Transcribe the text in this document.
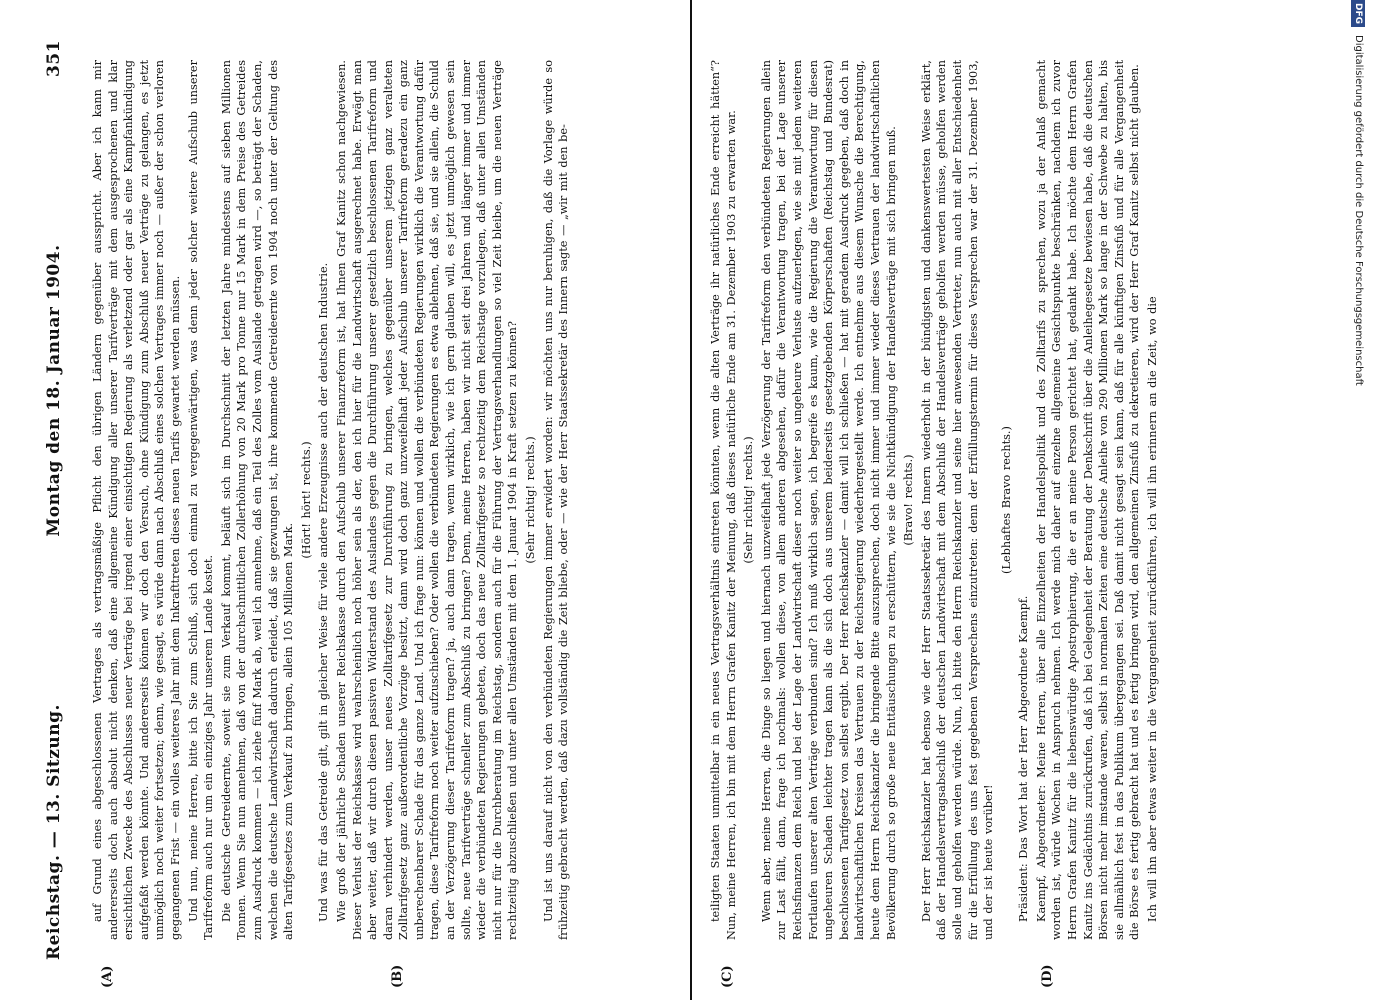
Reichstag. — 13. Sitzung.
Montag den 18. Januar 1904.
351
(A)	(B)	(C)	(D)

auf Grund eines abgeschlossenen Vertrages als vertragsmäßige Pflicht den übrigen Ländern gegenüber ausspricht. Aber ich kann mir andererseits doch auch absolut nicht denken, daß eine allgemeine Kündigung aller unserer Tarifverträge mit dem ausgesprochenen und klar ersichtlichen Zwecke des Abschlusses neuer Verträge bei irgend einer einsichtigen Regierung als verletzend oder gar als eine Kampfankündigung aufgefaßt werden könnte. Und andererseits können wir doch den Versuch, ohne Kündigung zum Abschluß neuer Verträge zu gelangen, es jetzt unmöglich noch weiter fortsetzen; denn, wie gesagt, es würde dann nach Abschluß eines solchen Vertrages immer noch — außer der schon verloren gegangenen Frist — ein volles weiteres Jahr mit dem Inkrafttreten dieses neuen Tarifs gewartet werden müssen. Und nun, meine Herren, bitte ich Sie zum Schluß, sich doch einmal zu vergegenwärtigen, was denn jeder solcher weitere Aufschub unserer Tarifreform auch nur um ein einziges Jahr unserem Lande kostet. Die deutsche Getreideernte, soweit sie zum Verkauf kommt, beläuft sich im Durchschnitt der letzten Jahre mindestens auf sieben Millionen Tonnen. Wenn Sie nun annehmen, daß von der durchschnittlichen Zollerhöhung von 20 Mark pro Tonne nur 15 Mark in dem Preise des Getreides zum Ausdruck kommen — ich ziehe fünf Mark ab, weil ich annehme, daß ein Teil des Zolles vom Auslande getragen wird —, so beträgt der Schaden, welchen die deutsche Landwirtschaft dadurch erleidet, daß sie gezwungen ist, ihre kommende Getreideernte von 1904 noch unter der Geltung des alten Tarifgesetzes zum Verkauf zu bringen, allein 105 Millionen Mark.

(Hört! hört! rechts.) Und was für das Getreide gilt, gilt in gleicher Weise für viele andere Erzeugnisse auch der deutschen Industrie. Wie groß der jährliche Schaden unserer Reichskasse durch den Aufschub unserer Finanzreform ist, hat Ihnen Graf Kanitz schon nachgewiesen. Dieser Verlust der Reichskasse wird wahrscheinlich noch höher sein als der, den ich hier für die Landwirtschaft ausgerechnet habe. Erwägt man aber weiter, daß wir durch diesen passiven Widerstand des Auslandes gegen die Durchführung unserer gesetzlich beschlossenen Tarifreform und daran verhindert werden, unser neues Zolltarifgesetz zur Durchführung zu bringen, welches gegenüber unserem jetzigen ganz veralteten Zolltarifgesetz ganz außerordentliche Vorzüge besitzt, dann wird doch ganz unzweifelhaft jeder Aufschub unserer Tarifreform geradezu ein ganz unberechenbarer Schade für das ganze Land. Und ich frage nun: können und wollen die verbündeten Regierungen wirklich die Verantwortung dafür tragen, diese Tarifreform noch weiter aufzuschieben? Oder wollen die verbündeten Regierungen es etwa ablehnen, daß sie, und sie allein, die Schuld an der Verzögerung dieser Tarifreform tragen? ja, auch dann tragen, wenn wirklich, wie ich gern glauben will, es jetzt unmöglich gewesen sein sollte, neue Tarifverträge schneller zum Abschluß zu bringen? Denn, meine Herren, haben wir nicht seit drei Jahren und länger immer und immer wieder die verbündeten Regierungen gebeten, doch das neue Zolltarifgesetz so rechtzeitig dem Reichstage vorzulegen, daß unter allen Umständen nicht nur für die Durchberatung im Reichstag, sondern auch für die Führung der Vertragsverhandlungen so viel Zeit bleibe, um die neuen Verträge rechtzeitig abzuschließen und unter allen Umständen mit dem 1. Januar 1904 in Kraft setzen zu können? (Sehr richtig! rechts.) Und ist uns darauf nicht von den verbündeten Regierungen immer erwidert worden: wir möchten uns nur beruhigen, daß die Vorlage würde so frühzeitig gebracht werden, daß dazu vollständig die Zeit bliebe, oder — wie der Herr Staatssekretär des Innern sagte — „wir mit den be-	teiligten Staaten unmittelbar in ein neues Vertragsverhältnis eintreten könnten, wenn die alten Verträge ihr natürliches Ende erreicht hätten“? Nun, meine Herren, ich bin mit dem Herrn Grafen Kanitz der Meinung, daß dieses natürliche Ende am 31. Dezember 1903 zu erwarten war. (Sehr richtig! rechts.) Wenn aber, meine Herren, die Dinge so liegen und hiernach unzweifelhaft jede Verzögerung der Tarifreform den verbündeten Regierungen allein zur Last fällt, dann, frage ich nochmals: wollen diese, von allem anderen abgesehen, dafür die Verantwortung tragen, bei der Lage unserer Reichsfinanzen dem Reich und bei der Lage der Landwirtschaft dieser noch weiter so ungeheure Verluste aufzuerlegen, wie sie mit jedem weiteren Fortlaufen unserer alten Verträge verbunden sind? Ich muß wirklich sagen, ich begreife es kaum, wie die Regierung die Verantwortung für diesen ungeheuren Schaden leichter tragen kann als die sich doch aus unserem beiderseits gesetzgebenden Körperschaften (Reichstag und Bundesrat) beschlossenen Tarifgesetz von selbst ergibt. Der Herr Reichskanzler — damit will ich schließen — hat mit geradem Ausdruck gegeben, daß doch in landwirtschaftlichen Kreisen das Vertrauen zu der Reichsregierung wiederhergestellt werde. Ich entnehme aus diesem Wunsche die Berechtigung, heute dem Herrn Reichskanzler die bringende Bitte auszusprechen, doch nicht immer und immer wieder dieses Vertrauen der landwirtschaftlichen Bevölkerung durch so große neue Enttäuschungen zu erschüttern, wie sie die Nichtkündigung der Handelsverträge mit sich bringen muß. (Bravo! rechts.) Der Herr Reichskanzler hat ebenso wie der Herr Staatssekretär des Innern wiederholt in der bündigsten und dankenswertesten Weise erklärt, daß der Handelsvertragsabschluß der deutschen Landwirtschaft mit dem Abschluß der Handelsverträge geholfen werden müsse, geholfen werden solle und geholfen werden würde. Nun, ich bitte den Herrn Reichskanzler und seine hier anwesenden Vertreter, nun auch mit aller Entschiedenheit für die Erfüllung des uns fest gegebenen Versprechens einzutreten: denn der Erfüllungstermin für dieses Versprechen war der 31. Dezember 1903, und der ist heute vorüber!

(Lebhaftes Bravo rechts.)

Präsident: Das Wort hat der Herr Abgeordnete Kaempf. Kaempf, Abgeordneter: Meine Herren, über alle Einzelheiten der Handelspolitik und des Zolltarifs zu sprechen, wozu ja der Anlaß gemacht worden ist, würde Wochen in Anspruch nehmen. Ich werde mich daher auf einzelne allgemeine Gesichtspunkte beschränken, nachdem ich zuvor Herrn Grafen Kanitz für die liebenswürdige Apostrophierung, die er an meine Person gerichtet hat, gedankt habe. Ich möchte dem Herrn Grafen Kanitz ins Gedächtnis zurückrufen, daß ich bei Gelegenheit der Beratung der Denkschrift über die Anleihegesetze bewiesen habe, daß die deutschen Börsen nicht mehr imstande waren, selbst in normalen Zeiten eine deutsche Anleihe von 290 Millionen Mark so lange in der Schwebe zu halten, bis sie allmählich fest in das Publikum übergegangen sei. Daß damit nicht gesagt sein kann, daß für alle künftigen Zinsfuß und für alle Vergangenheit die Börse es fertig gebracht hat und es fertig bringen wird, den allgemeinen Zinsfuß zu dekretieren, wird der Herr Graf Kanitz selbst nicht glauben. Ich will ihn aber etwas weiter in die Vergangenheit zurückführen, ich will ihn erinnern an die Zeit, wo die

DFG
Digitalisierung gefördert durch die Deutsche Forschungsgemeinschaft
